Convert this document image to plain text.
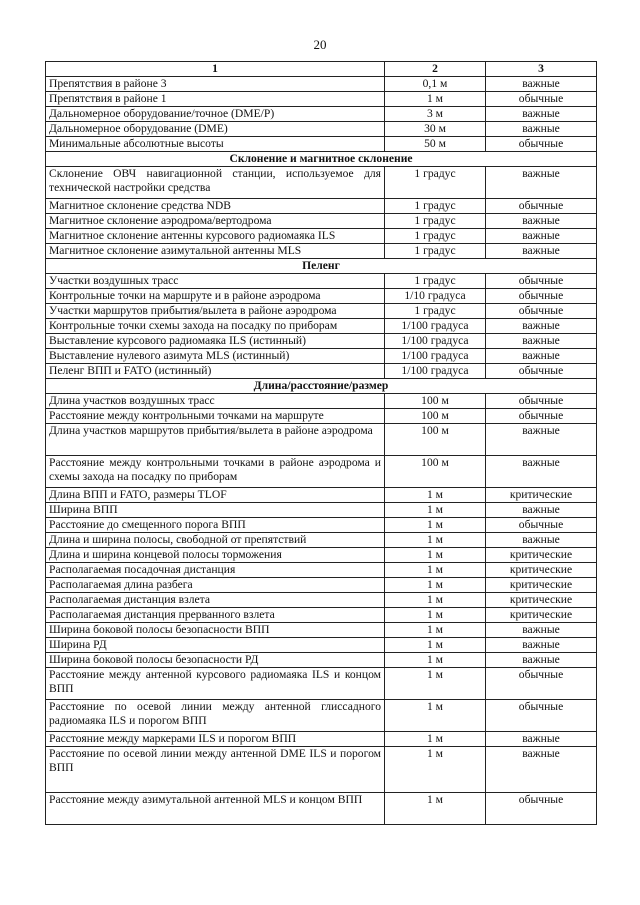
20
1	2	3
Препятствия в районе 3	0,1 м	важные
Препятствия в районе 1	1 м	обычные
Дальномерное оборудование/точное (DME/P)	3 м	важные
Дальномерное оборудование (DME)	30 м	важные
Минимальные абсолютные высоты	50 м	обычные
Склонение и магнитное склонение		
Склонение ОВЧ навигационной станции, используемое для технической настройки средства	1 градус	важные
Магнитное склонение средства NDB	1 градус	обычные
Магнитное склонение аэродрома/вертодрома	1 градус	важные
Магнитное склонение антенны курсового радиомаяка ILS	1 градус	важные
Магнитное склонение азимутальной антенны MLS	1 градус	важные
Пеленг		
Участки воздушных трасс	1 градус	обычные
Контрольные точки на маршруте и в районе аэродрома	1/10 градуса	обычные
Участки маршрутов прибытия/вылета в районе аэродрома	1 градус	обычные
Контрольные точки схемы захода на посадку по приборам	1/100 градуса	важные
Выставление курсового радиомаяка ILS (истинный)	1/100 градуса	важные
Выставление нулевого азимута MLS (истинный)	1/100 градуса	важные
Пеленг ВПП и FATO (истинный)	1/100 градуса	обычные
Длина/расстояние/размер		
Длина участков воздушных трасс	100 м	обычные
Расстояние между контрольными точками на маршруте	100 м	обычные
Длина участков маршрутов прибытия/вылета в районе аэродрома	100 м	важные
Расстояние между контрольными точками в районе аэродрома и схемы захода на посадку по приборам	100 м	важные
Длина ВПП и FATO, размеры TLOF	1 м	критические
Ширина ВПП	1 м	важные
Расстояние до смещенного порога ВПП	1 м	обычные
Длина и ширина полосы, свободной от препятствий	1 м	важные
Длина и ширина концевой полосы торможения	1 м	критические
Располагаемая посадочная дистанция	1 м	критические
Располагаемая длина разбега	1 м	критические
Располагаемая дистанция взлета	1 м	критические
Располагаемая дистанция прерванного взлета	1 м	критические
Ширина боковой полосы безопасности ВПП	1 м	важные
Ширина РД	1 м	важные
Ширина боковой полосы безопасности РД	1 м	важные
Расстояние между антенной курсового радиомаяка ILS и концом ВПП	1 м	обычные
Расстояние по осевой линии между антенной глиссадного радиомаяка ILS и порогом ВПП	1 м	обычные
Расстояние между маркерами ILS и порогом ВПП	1 м	важные
Расстояние по осевой линии между антенной DME ILS и порогом ВПП	1 м	важные
Расстояние между азимутальной антенной MLS и концом ВПП	1 м	обычные
